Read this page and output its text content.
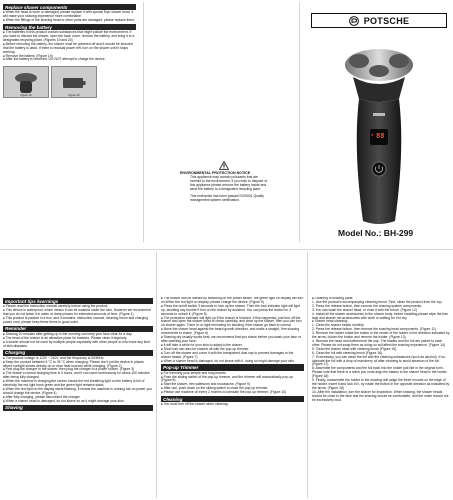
Replace shaver components

■ When the head is worn or damaged, please replace it with special Eiyo shaver head, it will make your shaving experience more comfortable.

■ When the fittings of the shaving head or other parts are damaged, please replace them.

Removing the battery

■ The batteries in this product contain substances that might pollute the environment. If you want to discard the shaver, open the back cover, remove the battery, and bring it to a designated recycling plant. (Figures 19 and 20)

■ Before removing the battery, the shaver must be powered off and it should be ensured that the battery is dead. If there is residual power left, turn on the shaver until it stops working.

■ Remove the battery. (Figure 19)

■ After the battery is removed, DO NOT attempt to charge the device.

Figure 19	Figure 20
ENVIRONMENTAL PROTECTION NOTICE

This appliance may contain pollutants that are harmful to the environment, if you wish to dispose of this appliance please remove the battery inside and send the battery to a designated recycling plant.

This enterprise has been passed ISO9001 Quality management system certification.

POTSCHE
88
Model No.: BH-299
Important tips /warnings

■ Please read the instruction manual carefully before using the product.

■ This device is waterproof, which means it can be washed under the sink. However we recommend that you do not leave it in water or damp places for extended amounts of time. (Figure 1)

■ This product is packed in a box, and it contains: instruction manual, cleaning brush and charging power cord, please keep these items in good order.

Reminder

■ Shaving 10 minutes after getting up in the morning can keep your face clear for a day.

■ The head of the shaver is an attractive place for bacteria. Please clean it regularly.

■ A shaver should not be used by multiple people especially with other people to who have any kind of skin diseases.

Charging

■ The product voltage is 110V ~ 240V, and the frequency is 50/60Hz.

■ Keep the product between 5 °C to 35 °C when charging. Please don't put the device in places where sunlight shines directly on or near heat sources while charging. (Figure 2)

■ First plug the charger to the shaver, then plug the charger to a power socket. (Figure 3)

■ The shaver's normal charging time is 3 hours, and it can used continuously for about 100 minutes after being fully charged.

■ When the machine is charging,the screen shows the red breathing light on.the battery is full of electricity the red light turns green and the green light remains static.

■ When the red light on the display starts flashing, it means the machine is running low on power you should charge the device. (Figure 4)

■ After fully charging, please disconnect the charger.

■ When a shaver head is damaged, do not shave so as it might damage your skin.

Shaving

■ The shaver can be started by switching on the power switch. the green light on display will turn on.When the red light on display, please charge the device. (Figure 5)

■ Press the on/off switch 3 seconds to lock up the shaver. Then the lock indicator light will light up, avoiding any trouble if turn on the shaver by accident. You can press the button for 3 seconds to unlock it. (Figure 5)

■ The protection indicator will light up if the shaver is blocked. If this happened, just turn off the shaver and open the shaver head to check carefully, and clear up the shaver, then you can turn on shaver again. There is no light reminding for blocking if the shaver go back to normal.

■ Move the shaver head against the beard growth direction, and make a straight, firm shaving movements to shave. (Figure 6)

■ Shaving dry usually works best, we recommend that you shave before you wash your face or after washing your face.

■ It will take a while for your skin to adapt to the shaver.

■ Short hair can also be shaved off with the pop-up trimmer.

■ Turn off the shaver and cover it with the transparent dust cap to prevent damages to the shaver heads. (Figure 7)

■ When a shaver head is damaged, do not shave with it, doing so might damage your skin.

Pop-up Trimmer

■ For trimming your temple and long beards.

■ Push the sliding switch of the pop-up trimmer, and the trimmer will automatically pop-up. (Figure 8)

■ Start the shaver, trim sideburns and moustache. (Figure 9)

■ After use, push down on the sliding switch to close the pop-up trimmer.

■ Please use machine oil every 2 months to lubricate the pop-up trimmer. (Figure 10)

Cleaning

■ You must turn off the shaver when cleaning.

■ Cleaning of shaving parts:

1. Use the product's accompanying cleaning brush. First, clean the product from the top.

2. Press the release button, then remove the shaving system components.

3. You can wash the shaver head, or rinse it with the brush. (Figure 12)

4. Install all the shaver accessories to the shaver body, before installing please wipe the hair tank and shaver net accessories with cloth or waiting for it to dry.

■ Shaver head cleaning:

1. Clean the shaver heads monthly.

2. Press the release button, then remove the shaving head components. (Figure 11)

3. Remove the holder rotate the button in the center of the holder in the direction indicated by the arrow, loosen the button and remove the holder. (Figure 13)

4. Remove the head and furthermore the cap. The blades and the foil are paired to each other. Please do not swap them as doing so will affect the shaving experience. (Figure 14)

5. Clean the shaver head with cleaning brush (Figure 15).

6. Clean the foil with cleaning brush (Figure 16).

7. If necessary, you can clean the foil with the cleaning substances (such as alcohol). If so, lubricate the foil with a drop of machinery oil after cleaning to avoid abrasion of the foil. (Figure 17)

8. Assemble the components and the foil back into the holder just like in the original form. Please note that there is a notch you must align the blades to the shaver head in the holder. (Figure 18)

9. Finally, reassemble the holder to the shaving unit (align the three mounts on the edge of the holder. Insert it and lock it in, by rotate the button in the opposite direction as indicated by the arrow. (Figure 18)

10. After the installation, turn the shaver for inspection. When shaving, the shaver heads should be close to the face and the shaving should be comfortable, and the noise should not be excessively loud.
